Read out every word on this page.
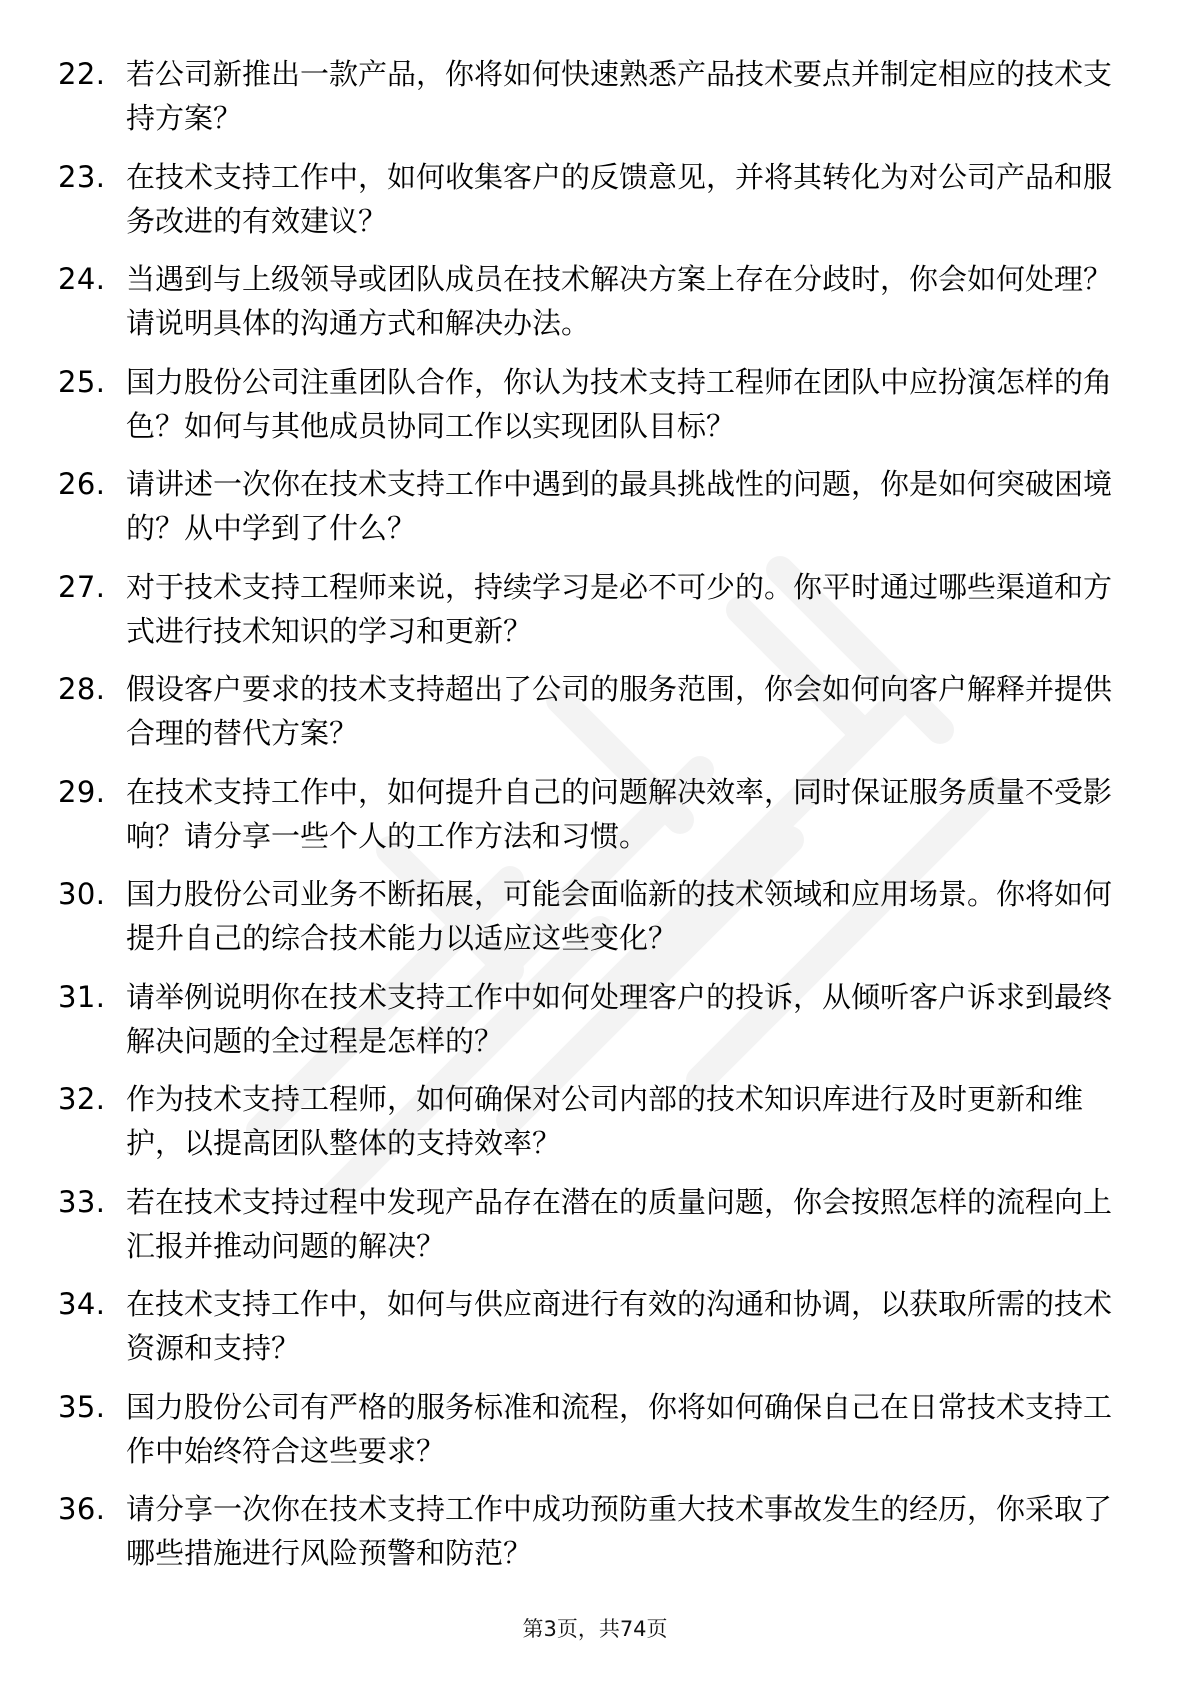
22. 若公司新推出一款产品，你将如何快速熟悉产品技术要点并制定相应的技术支持方案？
23. 在技术支持工作中，如何收集客户的反馈意见，并将其转化为对公司产品和服务改进的有效建议？
24. 当遇到与上级领导或团队成员在技术解决方案上存在分歧时，你会如何处理？请说明具体的沟通方式和解决办法。
25. 国力股份公司注重团队合作，你认为技术支持工程师在团队中应扮演怎样的角色？如何与其他成员协同工作以实现团队目标？
26. 请讲述一次你在技术支持工作中遇到的最具挑战性的问题，你是如何突破困境的？从中学到了什么？
27. 对于技术支持工程师来说，持续学习是必不可少的。你平时通过哪些渠道和方式进行技术知识的学习和更新？
28. 假设客户要求的技术支持超出了公司的服务范围，你会如何向客户解释并提供合理的替代方案？
29. 在技术支持工作中，如何提升自己的问题解决效率，同时保证服务质量不受影响？请分享一些个人的工作方法和习惯。
30. 国力股份公司业务不断拓展，可能会面临新的技术领域和应用场景。你将如何提升自己的综合技术能力以适应这些变化？
31. 请举例说明你在技术支持工作中如何处理客户的投诉，从倾听客户诉求到最终解决问题的全过程是怎样的？
32. 作为技术支持工程师，如何确保对公司内部的技术知识库进行及时更新和维护，以提高团队整体的支持效率？
33. 若在技术支持过程中发现产品存在潜在的质量问题，你会按照怎样的流程向上汇报并推动问题的解决？
34. 在技术支持工作中，如何与供应商进行有效的沟通和协调，以获取所需的技术资源和支持？
35. 国力股份公司有严格的服务标准和流程，你将如何确保自己在日常技术支持工作中始终符合这些要求？
36. 请分享一次你在技术支持工作中成功预防重大技术事故发生的经历，你采取了哪些措施进行风险预警和防范？
第3页，共74页
